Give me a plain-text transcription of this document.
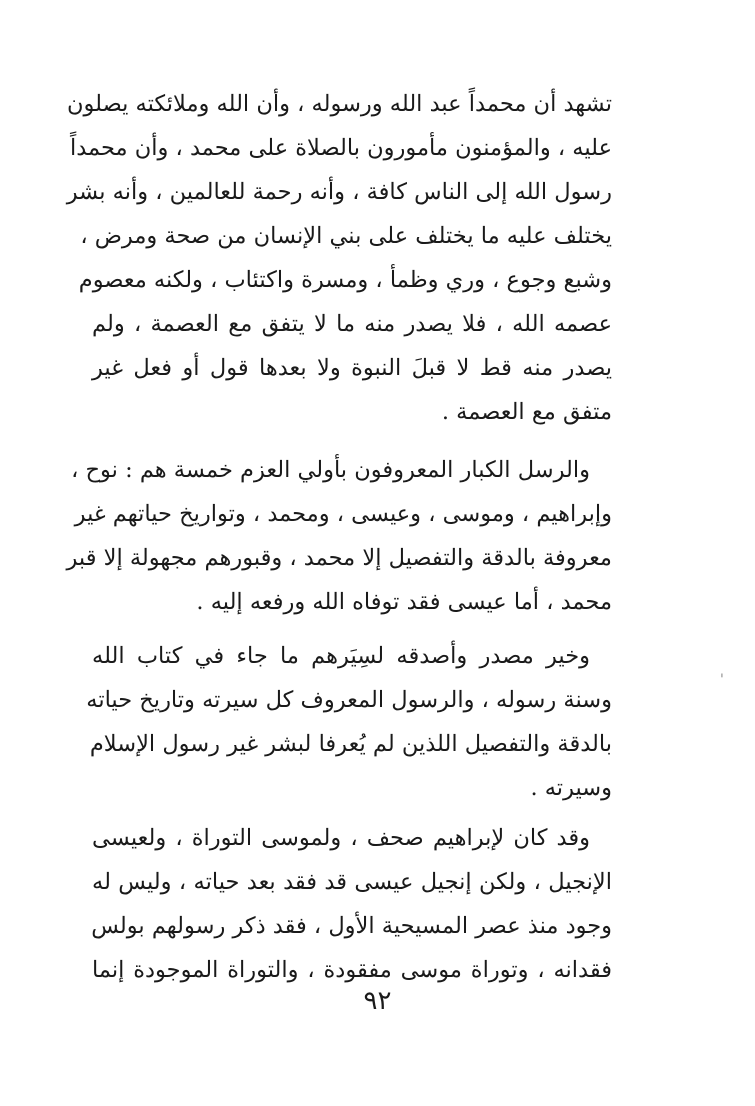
تشهد أن محمداً عبد الله ورسوله ، وأن الله وملائكته يصلون
عليه ، والمؤمنون مأمورون بالصلاة على محمد ، وأن محمداً
رسول الله إلى الناس كافة ، وأنه رحمة للعالمين ، وأنه بشر
يختلف عليه ما يختلف على بني الإنسان من صحة ومرض ،
وشبع وجوع ، وري وظمأ ، ومسرة واكتئاب ، ولكنه معصوم
عصمه الله ، فلا يصدر منه ما لا يتفق مع العصمة ، ولم
يصدر منه قط لا قبلَ النبوة ولا بعدها قول أو فعل غير
متفق مع العصمة .
والرسل الكبار المعروفون بأولي العزم خمسة هم : نوح ،
وإبراهيم ، وموسى ، وعيسى ، ومحمد ، وتواريخ حياتهم غير
معروفة بالدقة والتفصيل إلا محمد ، وقبورهم مجهولة إلا قبر
محمد ، أما عيسى فقد توفاه الله ورفعه إليه .
وخير مصدر وأصدقه لسِيَرهم ما جاء في كتاب الله
وسنة رسوله ، والرسول المعروف كل سيرته وتاريخ حياته
بالدقة والتفصيل اللذين لم يُعرفا لبشر غير رسول الإسلام
وسيرته .
وقد كان لإبراهيم صحف ، ولموسى التوراة ، ولعيسى
الإنجيل ، ولكن إنجيل عيسى قد فقد بعد حياته ، وليس له
وجود منذ عصر المسيحية الأول ، فقد ذكر رسولهم بولس
فقدانه ، وتوراة موسى مفقودة ، والتوراة الموجودة إنما
٩٢
'
